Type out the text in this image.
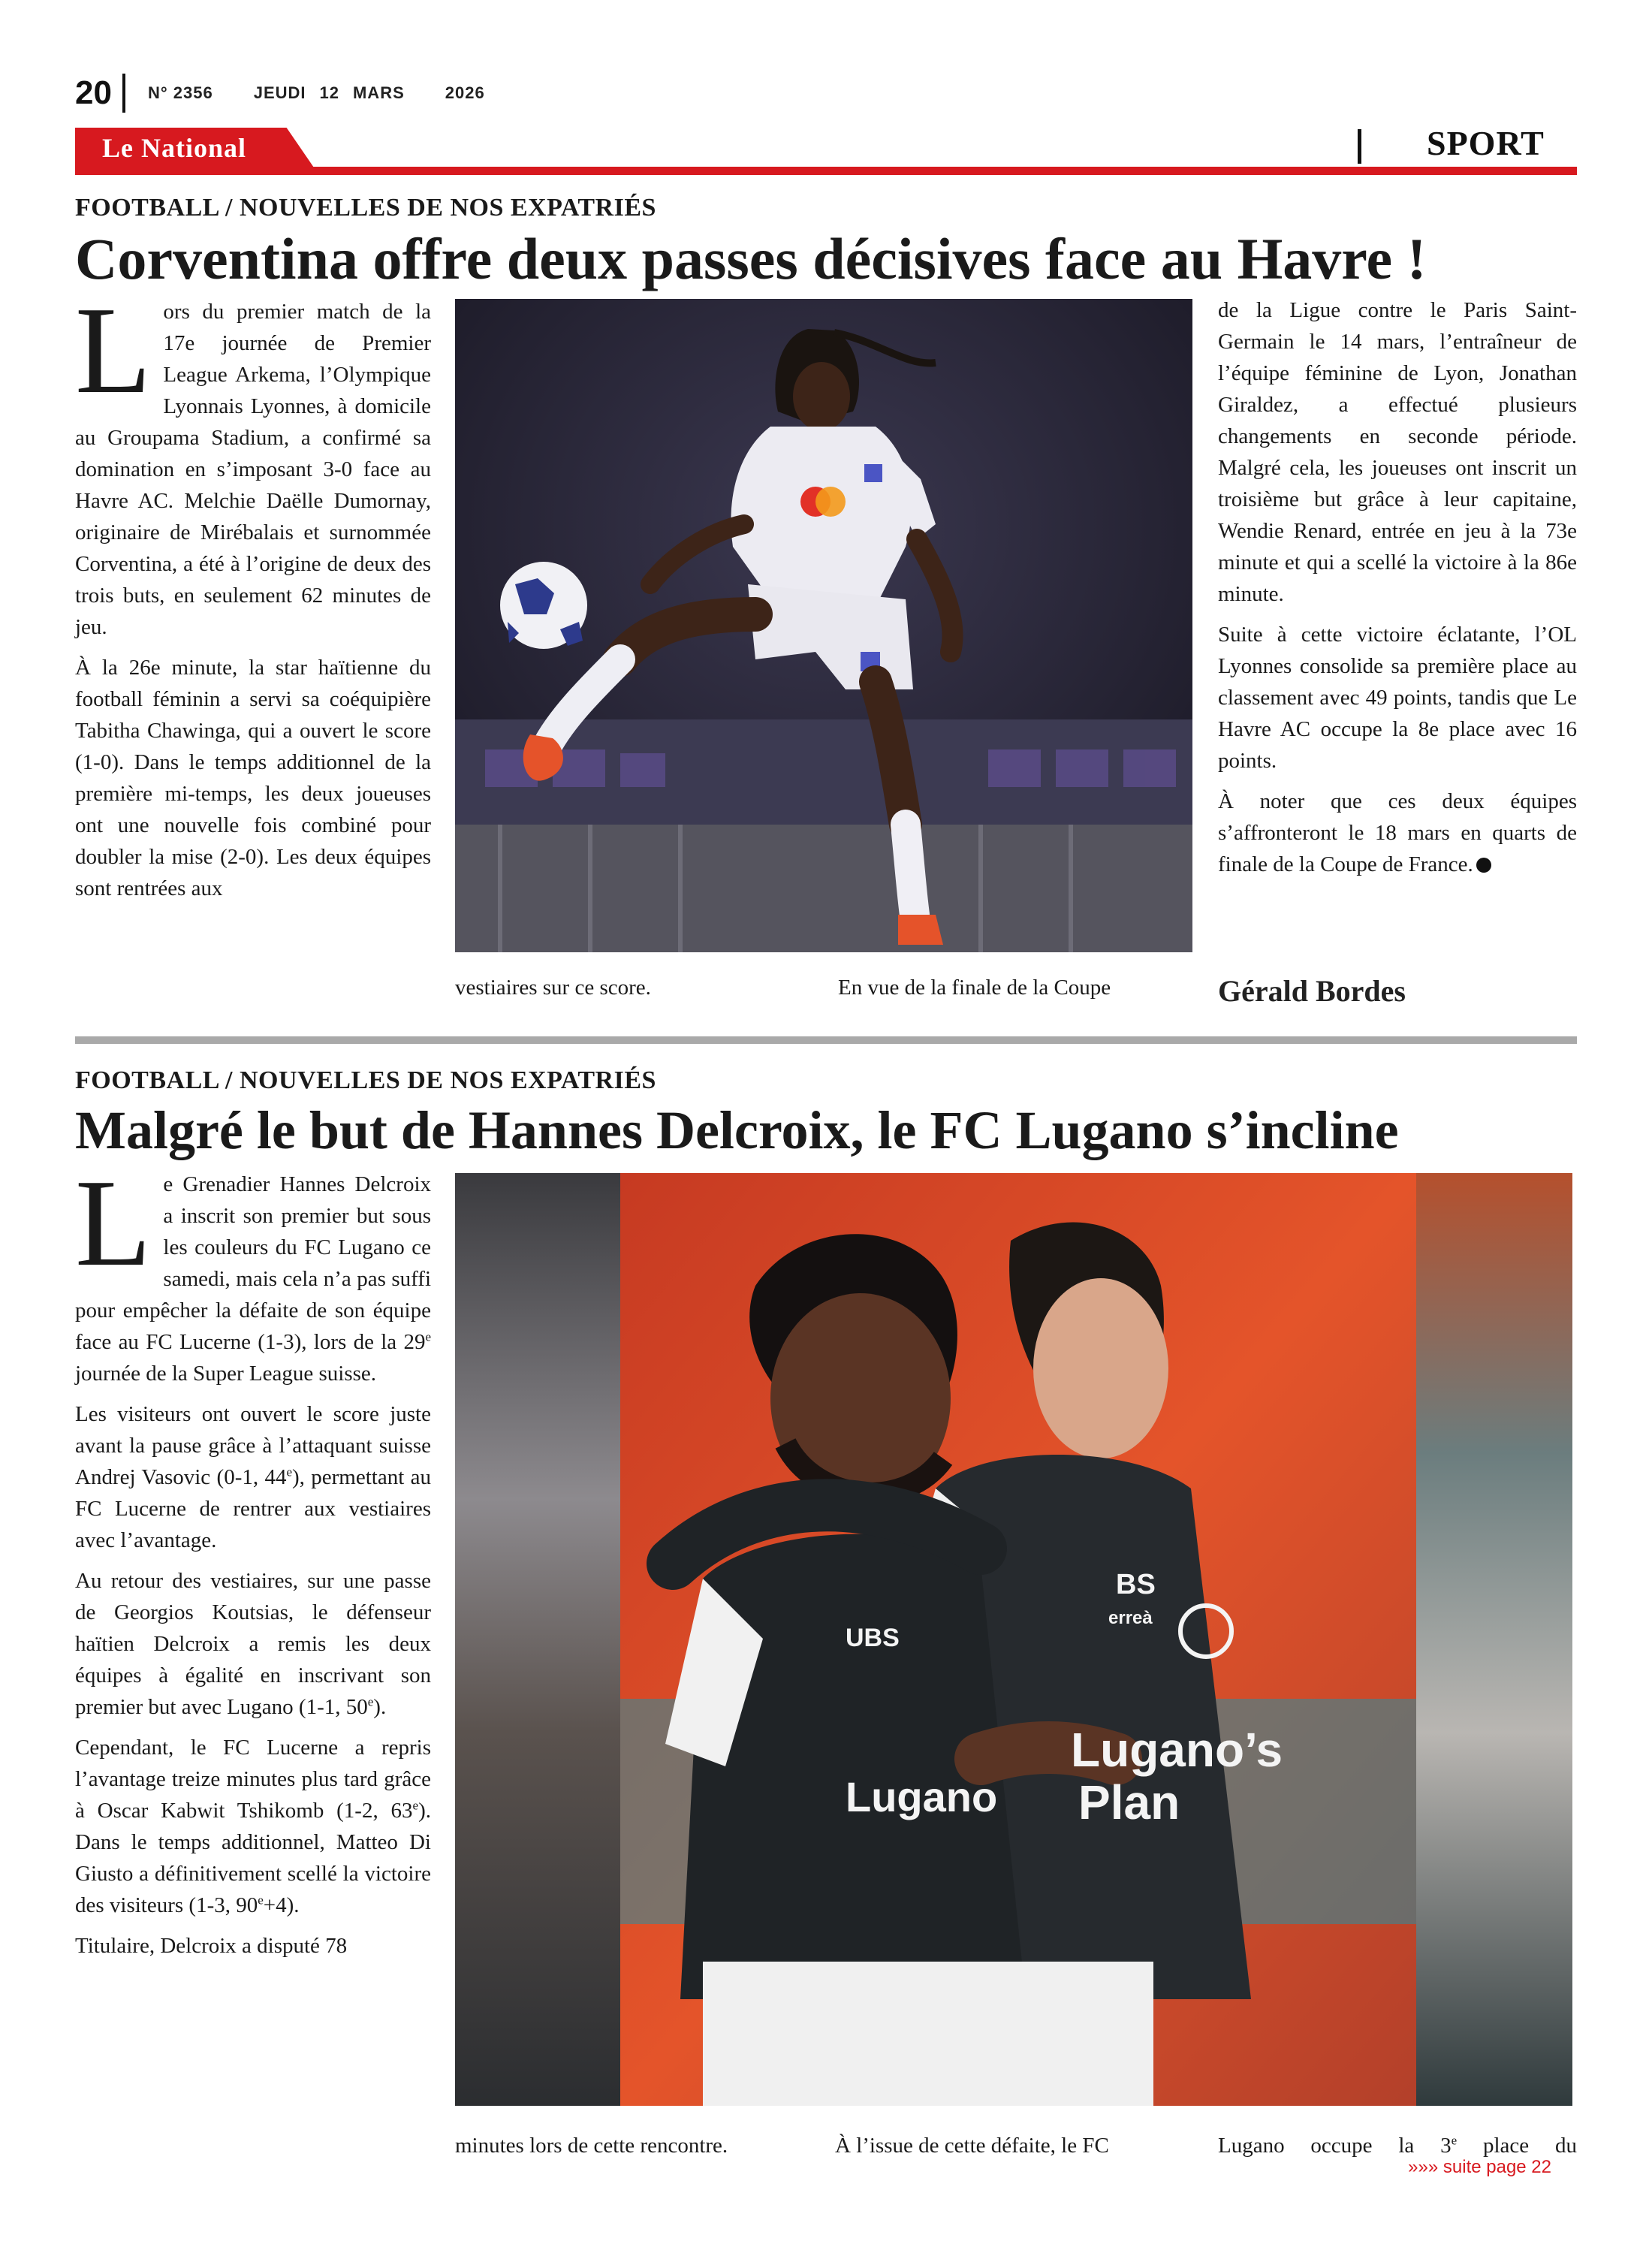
20 N° 2356 JEUDI 12 MARS 2026
Le National	SPORT
FOOTBALL / NOUVELLES DE NOS EXPATRIÉS
Corventina offre deux passes décisives face au Havre !

Lors du premier match de la 17e journée de Premier League Arkema, l’Olympique Lyonnais Lyonnes, à domicile au Groupama Stadium, a confirmé sa domination en s’imposant 3-0 face au Havre AC. Melchie Daëlle Dumornay, originaire de Mirébalais et surnommée Corventina, a été à l’origine de deux des trois buts, en seulement 62 minutes de jeu.

À la 26e minute, la star haïtienne du football féminin a servi sa coéquipière Tabitha Chawinga, qui a ouvert le score (1-0). Dans le temps additionnel de la première mi-temps, les deux joueuses ont une nouvelle fois combiné pour doubler la mise (2-0). Les deux équipes sont rentrées aux

vestiaires sur ce score.	En vue de la finale de la Coupe

de la Ligue contre le Paris Saint-Germain le 14 mars, l’entraîneur de l’équipe féminine de Lyon, Jonathan Giraldez, a effectué plusieurs changements en seconde période. Malgré cela, les joueuses ont inscrit un troisième but grâce à leur capitaine, Wendie Renard, entrée en jeu à la 73e minute et qui a scellé la victoire à la 86e minute.

Suite à cette victoire éclatante, l’OL Lyonnes consolide sa première place au classement avec 49 points, tandis que Le Havre AC occupe la 8e place avec 16 points.

À noter que ces deux équipes s’affronteront le 18 mars en quarts de finale de la Coupe de France.

Gérald Bordes
FOOTBALL / NOUVELLES DE NOS EXPATRIÉS
Malgré le but de Hannes Delcroix, le FC Lugano s’incline

Le Grenadier Hannes Delcroix a inscrit son premier but sous les couleurs du FC Lugano ce samedi, mais cela n’a pas suffi pour empêcher la défaite de son équipe face au FC Lucerne (1-3), lors de la 29e journée de la Super League suisse.

Les visiteurs ont ouvert le score juste avant la pause grâce à l’attaquant suisse Andrej Vasovic (0-1, 44e), permettant au FC Lucerne de rentrer aux vestiaires avec l’avantage.

Au retour des vestiaires, sur une passe de Georgios Koutsias, le défenseur haïtien Delcroix a remis les deux équipes à égalité en inscrivant son premier but avec Lugano (1-1, 50e).

Cependant, le FC Lucerne a repris l’avantage treize minutes plus tard grâce à Oscar Kabwit Tshikomb (1-2, 63e). Dans le temps additionnel, Matteo Di Giusto a définitivement scellé la victoire des visiteurs (1-3, $90^e+4$).

Titulaire, Delcroix a disputé 78

UBS
Lugano
BS
erreà
Lugano’s
Plan
minutes lors de cette rencontre.	À l’issue de cette défaite, le FC	Lugano occupe la 3e place du
»»» suite page 22
